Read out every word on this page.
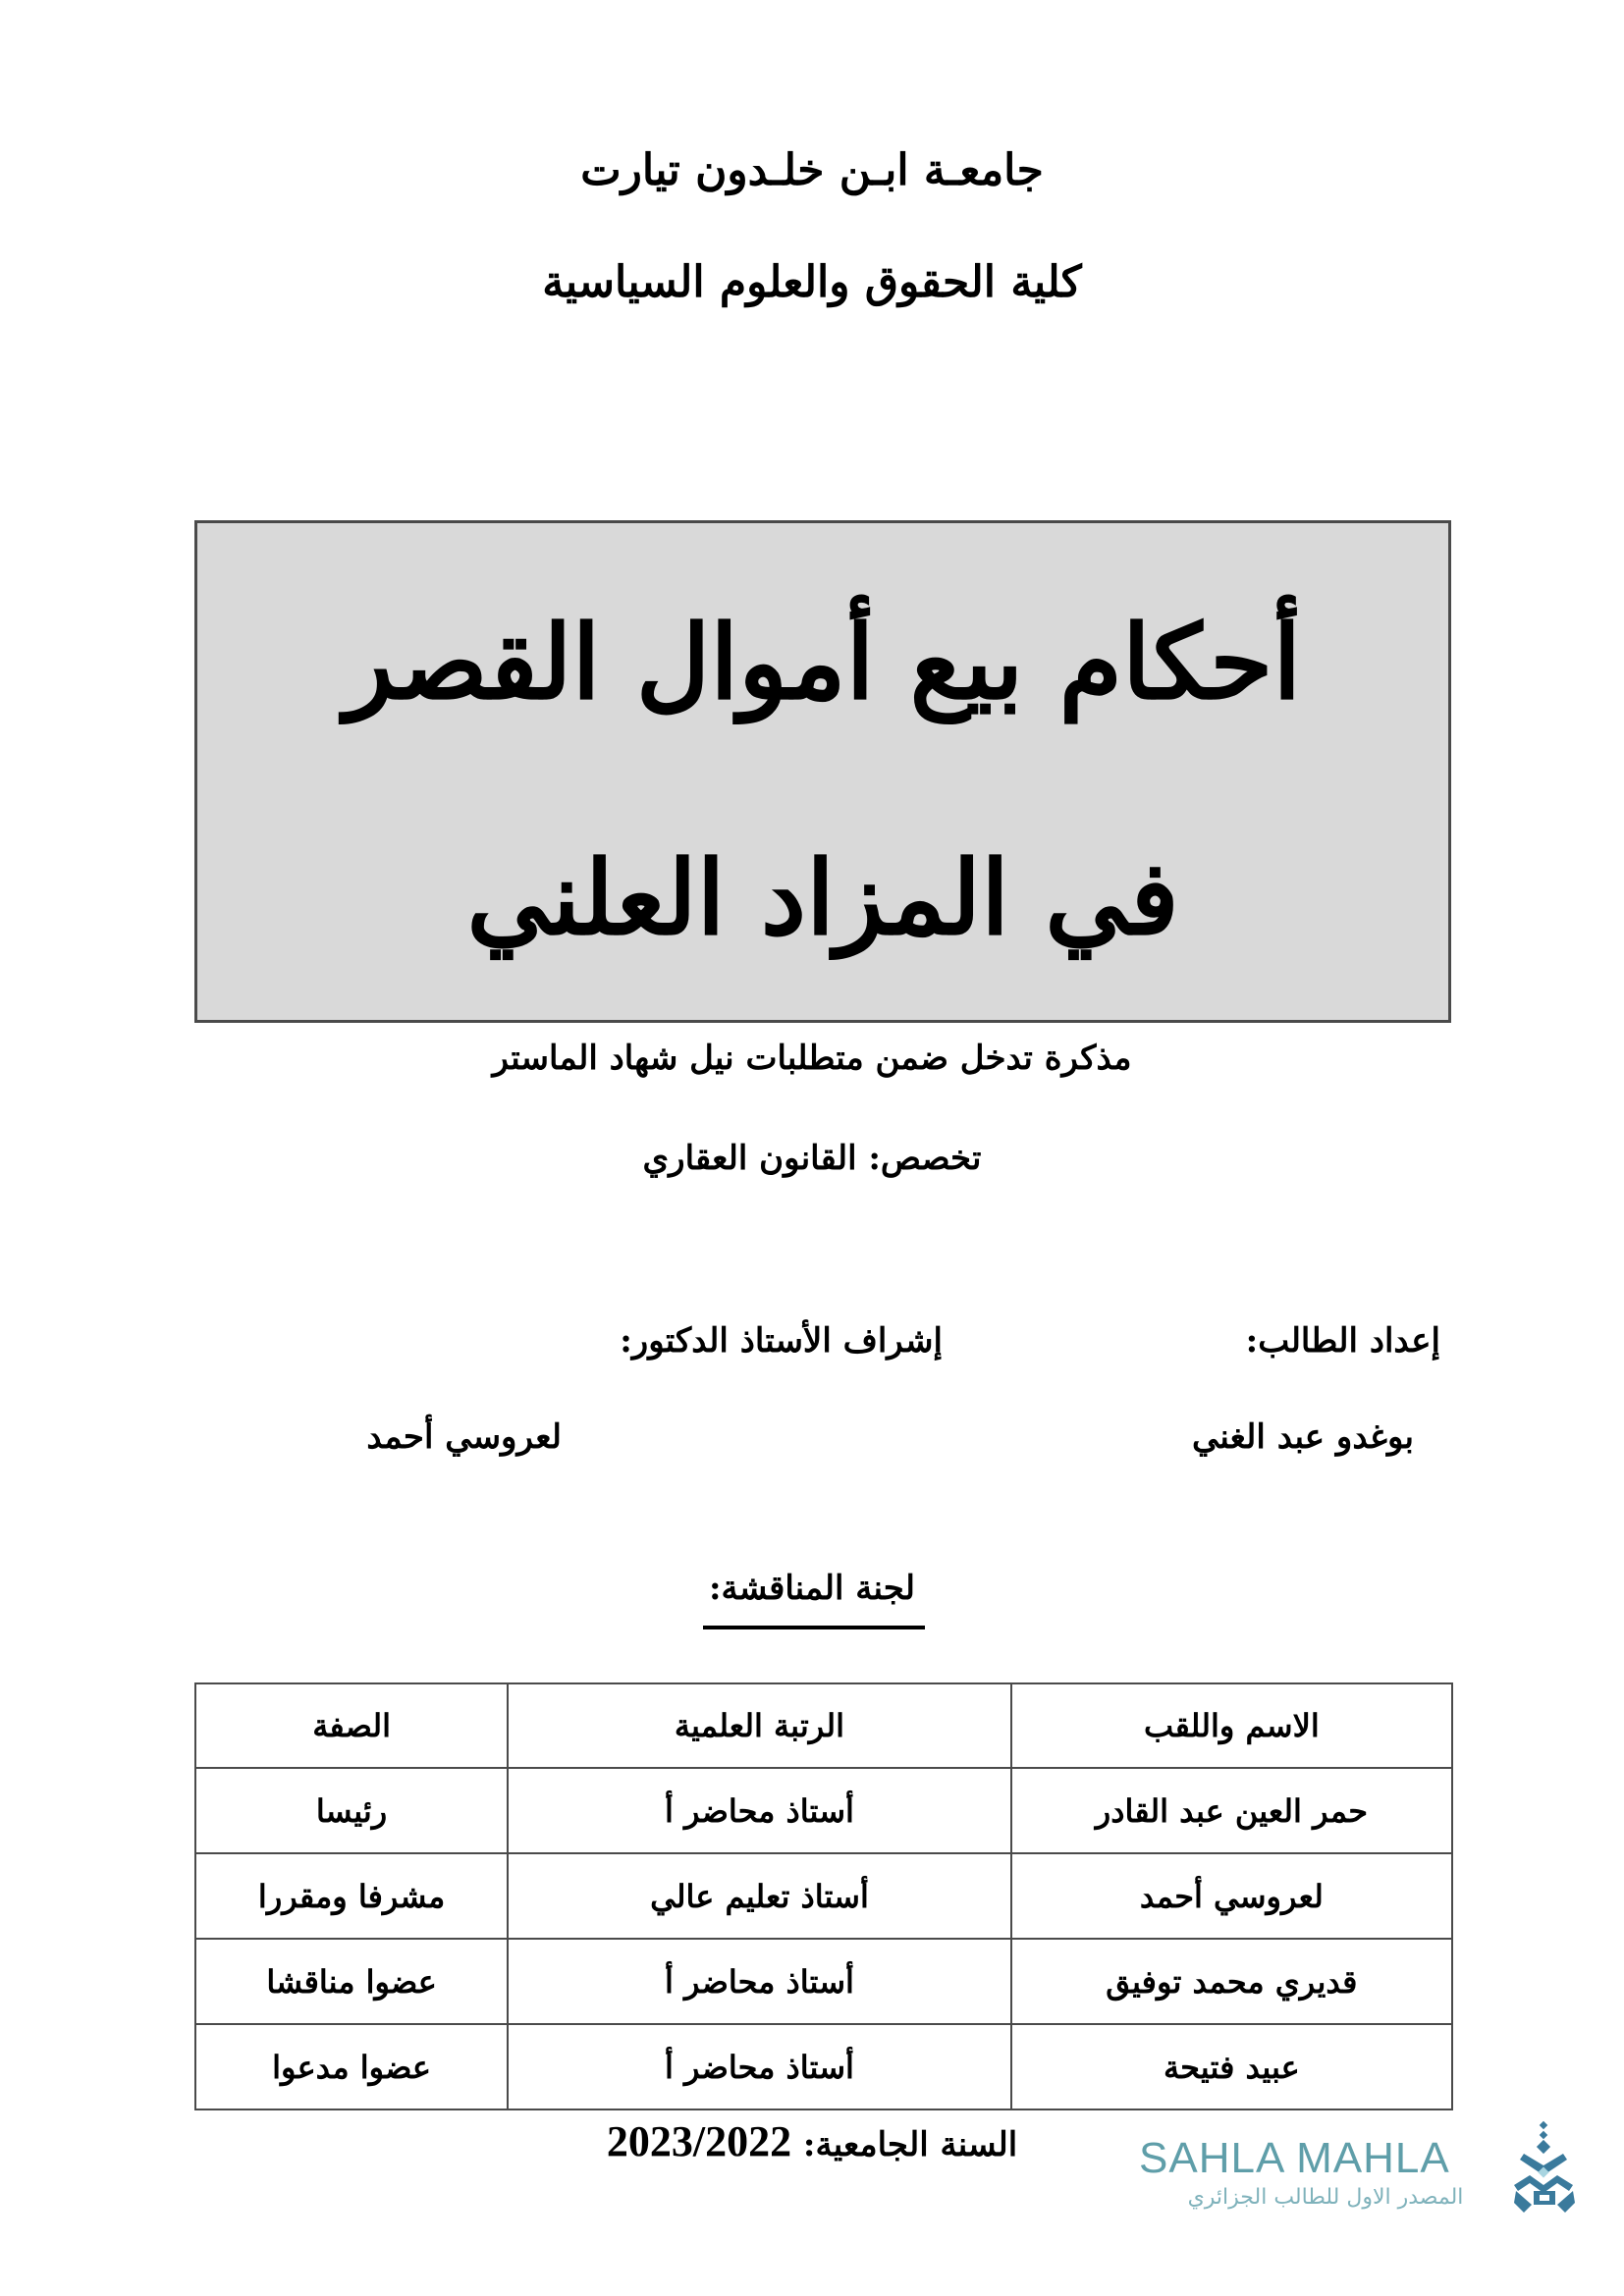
جامعـة ابـن خلـدون تيارت
كلية الحقوق والعلوم السياسية
أحكام بيع أموال القصر
في المزاد العلني
مذكرة تدخل ضمن متطلبات نيل شهاد الماستر
تخصص: القانون العقاري
إعداد الطالب:
بوغدو عبد الغني
إشراف الأستاذ الدكتور:
لعروسي أحمد
لجنة المناقشة:
الاسم واللقب	الرتبة العلمية	الصفة
حمر العين عبد القادر	أستاذ محاضر أ	رئيسا
لعروسي أحمد	أستاذ تعليم عالي	مشرفا ومقررا
قديري محمد توفيق	أستاذ محاضر أ	عضوا مناقشا
عبيد فتيحة	أستاذ محاضر أ	عضوا مدعوا
السنة الجامعية: 2023/2022	SAHLA MAHLA
المصدر الاول للطالب الجزائري
